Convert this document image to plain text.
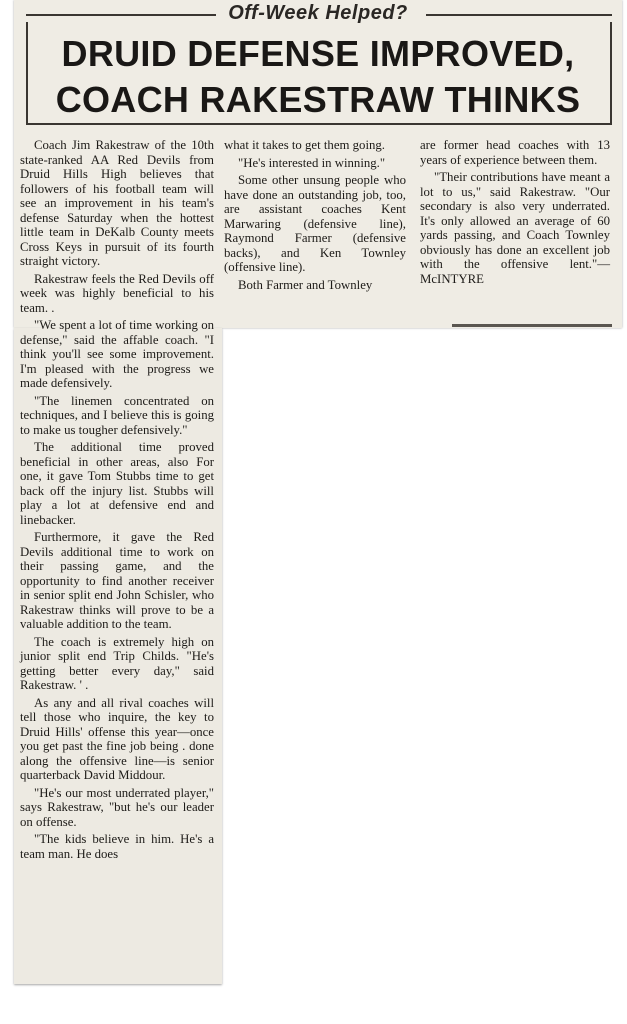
Off-Week Helped?
DRUID DEFENSE IMPROVED,
COACH RAKESTRAW THINKS

Coach Jim Rakestraw of the 10th state-ranked AA Red Devils from Druid Hills High believes that followers of his football team will see an improvement in his team's defense Saturday when the hottest little team in DeKalb County meets Cross Keys in pursuit of its fourth straight victory.

Rakestraw feels the Red Devils off week was highly beneficial to his team. .

"We spent a lot of time working on defense," said the affable coach. "I think you'll see some improvement. I'm pleased with the progress we made defensively.

"The linemen concentrated on techniques, and I believe this is going to make us tougher defensively."

The additional time proved beneficial in other areas, also For one, it gave Tom Stubbs time to get back off the injury list. Stubbs will play a lot at defensive end and linebacker.

Furthermore, it gave the Red Devils additional time to work on their passing game, and the opportunity to find another receiver in senior split end John Schisler, who Rakestraw thinks will prove to be a valuable addition to the team.

The coach is extremely high on junior split end Trip Childs. "He's getting better every day," said Rakestraw. ' .

As any and all rival coaches will tell those who inquire, the key to Druid Hills' offense this year—once you get past the fine job being . done along the offensive line—is senior quarterback David Middour.

"He's our most underrated player," says Rakestraw, "but he's our leader on offense.

"The kids believe in him. He's a team man. He does

what it takes to get them going.

"He's interested in winning."

Some other unsung people who have done an outstanding job, too, are assistant coaches Kent Marwaring (defensive line), Raymond Farmer (defensive backs), and Ken Townley (offensive line).

Both Farmer and Townley

are former head coaches with 13 years of experience between them.

"Their contributions have meant a lot to us," said Rakestraw. "Our secondary is also very underrated. It's only allowed an average of 60 yards passing, and Coach Townley obviously has done an excellent job with the offensive lent."—McINTYRE
